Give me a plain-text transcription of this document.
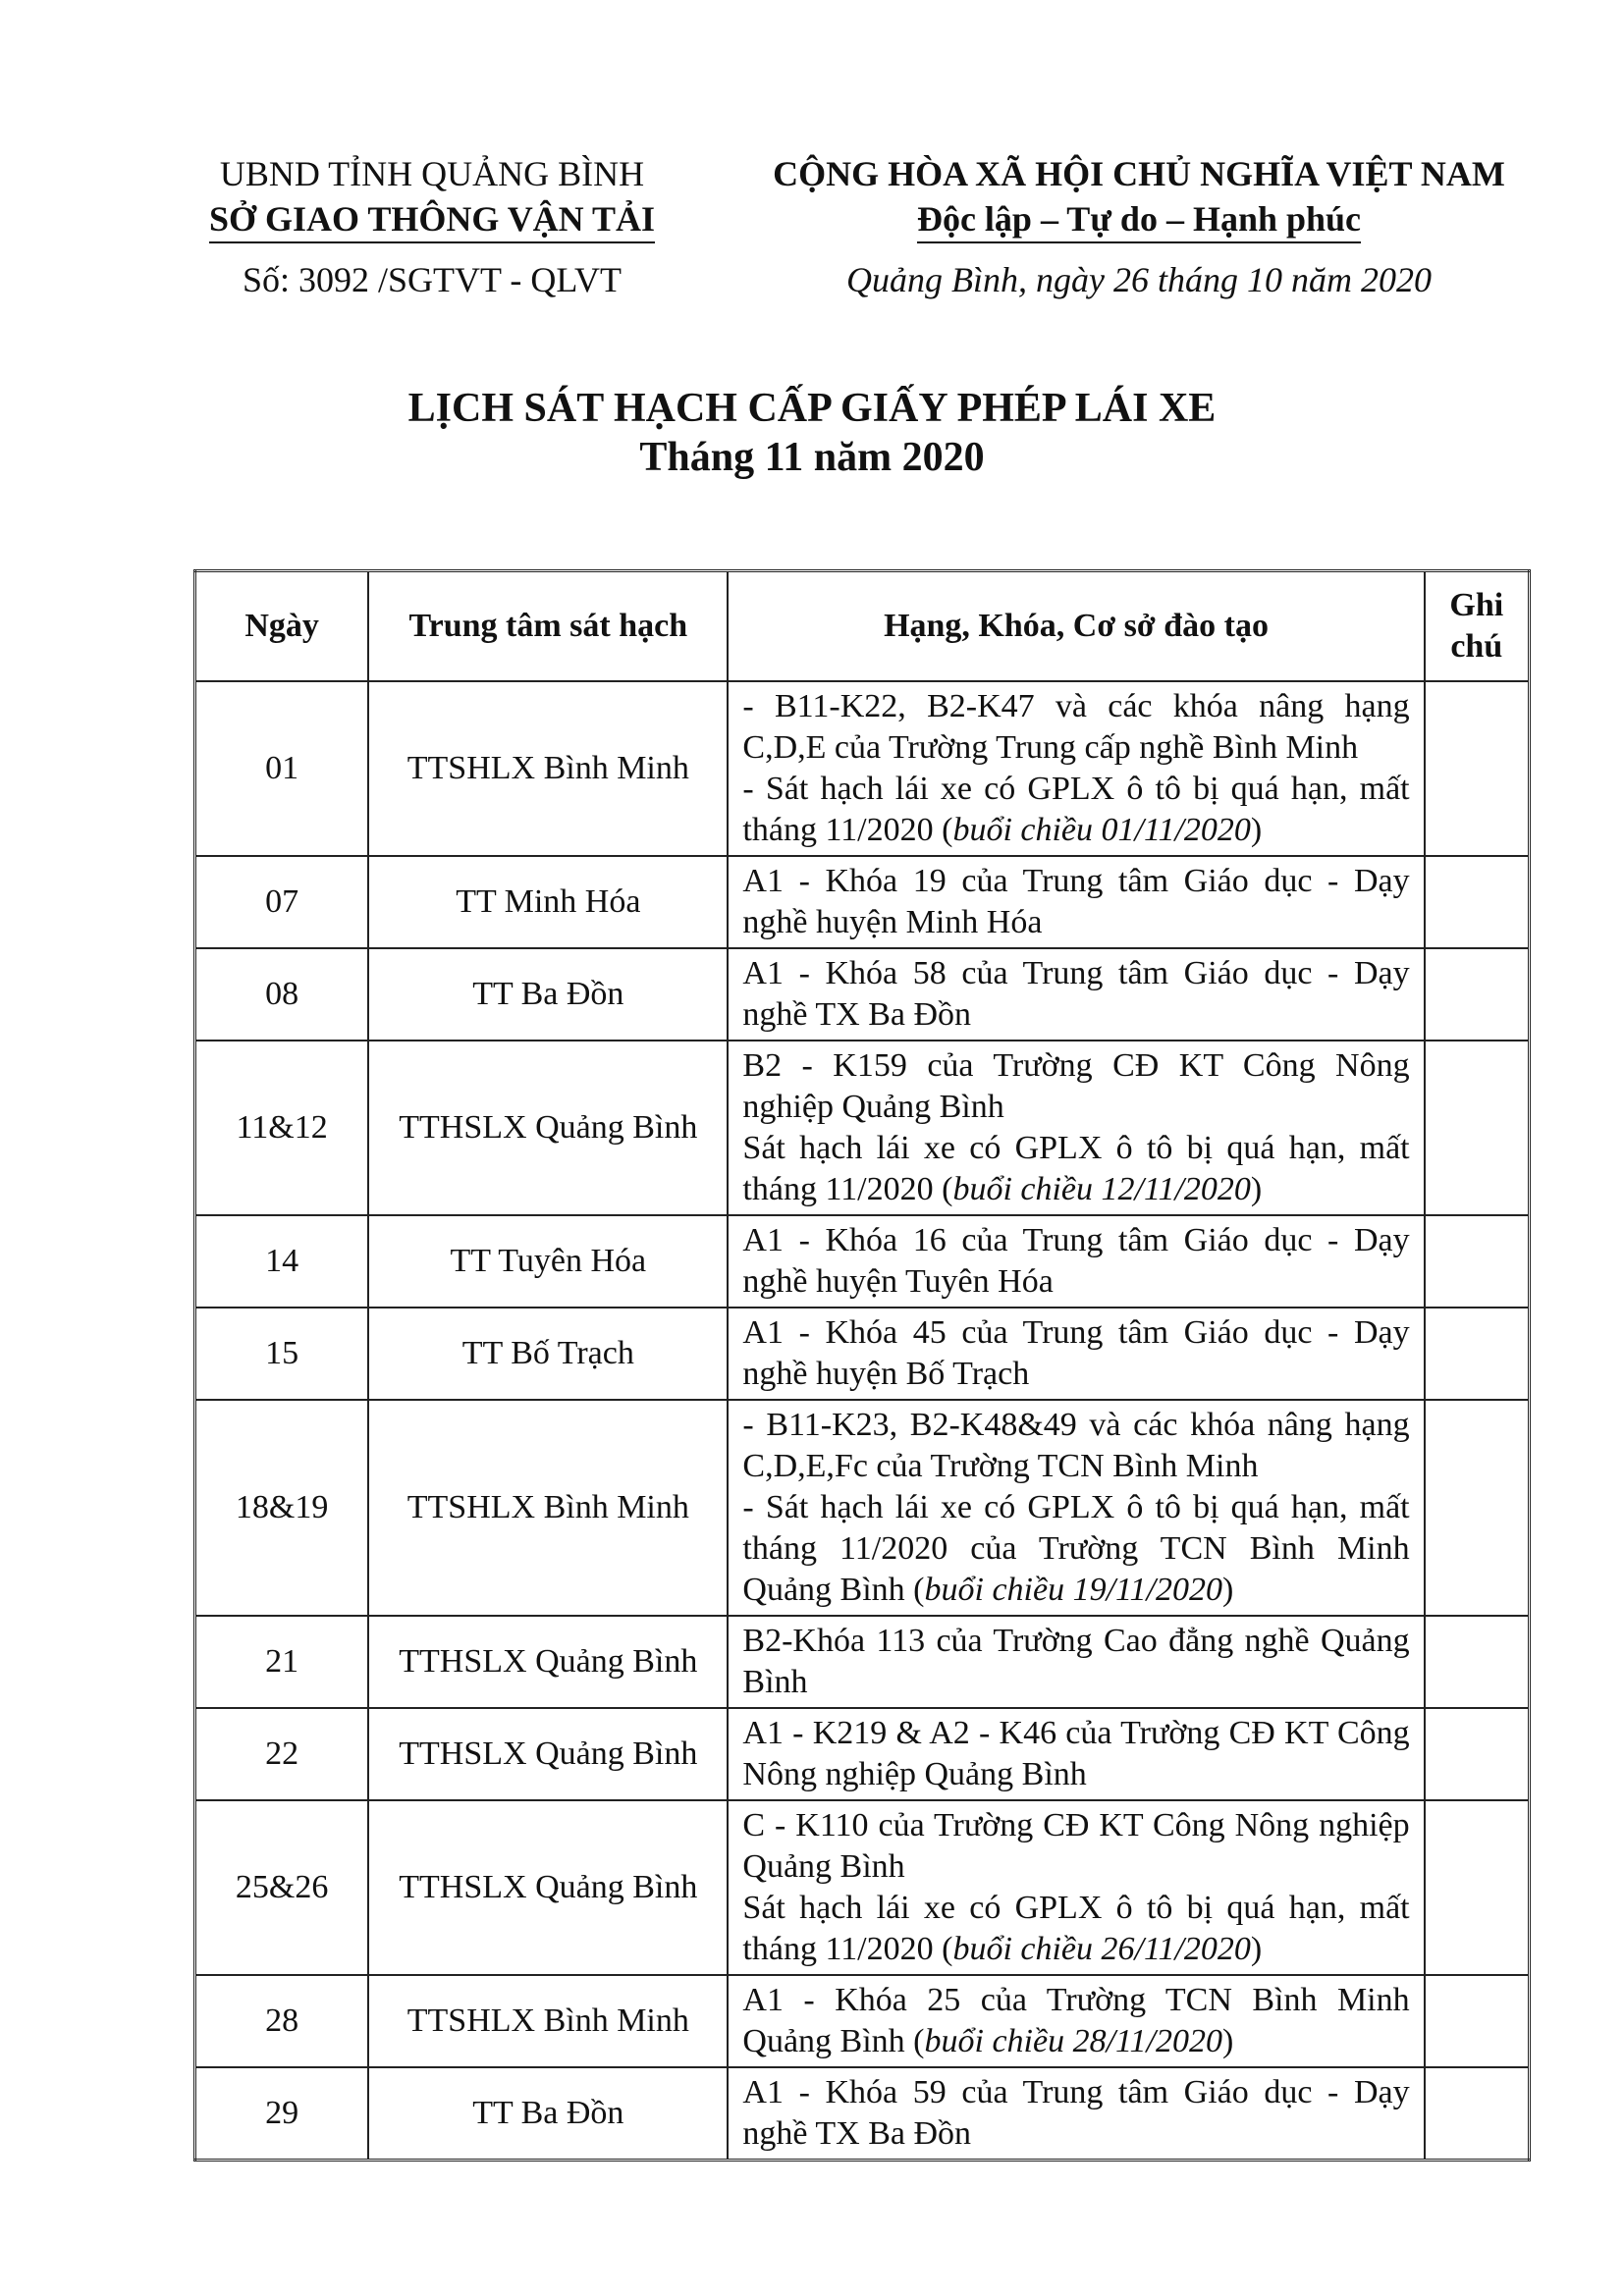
UBND TỈNH QUẢNG BÌNH
SỞ GIAO THÔNG VẬN TẢI
Số: 3092 /SGTVT - QLVT
CỘNG HÒA XÃ HỘI CHỦ NGHĨA VIỆT NAM
Độc lập – Tự do – Hạnh phúc
Quảng Bình, ngày 26 tháng 10 năm 2020
LỊCH SÁT HẠCH CẤP GIẤY PHÉP LÁI XE
Tháng 11 năm 2020
Ngày	Trung tâm sát hạch	Hạng, Khóa, Cơ sở đào tạo	Ghi chú
01	TTSHLX Bình Minh	- B11-K22, B2-K47 và các khóa nâng hạng C,D,E của Trường Trung cấp nghề Bình Minh
- Sát hạch lái xe có GPLX ô tô bị quá hạn, mất tháng 11/2020 (buổi chiều 01/11/2020)	

07	TT Minh Hóa	A1 - Khóa 19 của Trung tâm Giáo dục - Dạy nghề huyện Minh Hóa	

08	TT Ba Đồn	A1 - Khóa 58 của Trung tâm Giáo dục - Dạy nghề TX Ba Đồn	

11&12	TTHSLX Quảng Bình	B2 - K159 của Trường CĐ KT Công Nông nghiệp Quảng Bình
Sát hạch lái xe có GPLX ô tô bị quá hạn, mất tháng 11/2020 (buổi chiều 12/11/2020)	

14	TT Tuyên Hóa	A1 - Khóa 16 của Trung tâm Giáo dục - Dạy nghề huyện Tuyên Hóa	

15	TT Bố Trạch	A1 - Khóa 45 của Trung tâm Giáo dục - Dạy nghề huyện Bố Trạch	

18&19	TTSHLX Bình Minh	- B11-K23, B2-K48&49 và các khóa nâng hạng C,D,E,Fc của Trường TCN Bình Minh
- Sát hạch lái xe có GPLX ô tô bị quá hạn, mất tháng 11/2020 của Trường TCN Bình Minh Quảng Bình (buổi chiều 19/11/2020)	

21	TTHSLX Quảng Bình	B2-Khóa 113 của Trường Cao đẳng nghề Quảng Bình	

22	TTHSLX Quảng Bình	A1 - K219 & A2 - K46 của Trường CĐ KT Công Nông nghiệp Quảng Bình	

25&26	TTHSLX Quảng Bình	C - K110 của Trường CĐ KT Công Nông nghiệp Quảng Bình
Sát hạch lái xe có GPLX ô tô bị quá hạn, mất tháng 11/2020 (buổi chiều 26/11/2020)	

28	TTSHLX Bình Minh	A1 - Khóa 25 của Trường TCN Bình Minh Quảng Bình (buổi chiều 28/11/2020)	

29	TT Ba Đồn	A1 - Khóa 59 của Trung tâm Giáo dục - Dạy nghề TX Ba Đồn	
